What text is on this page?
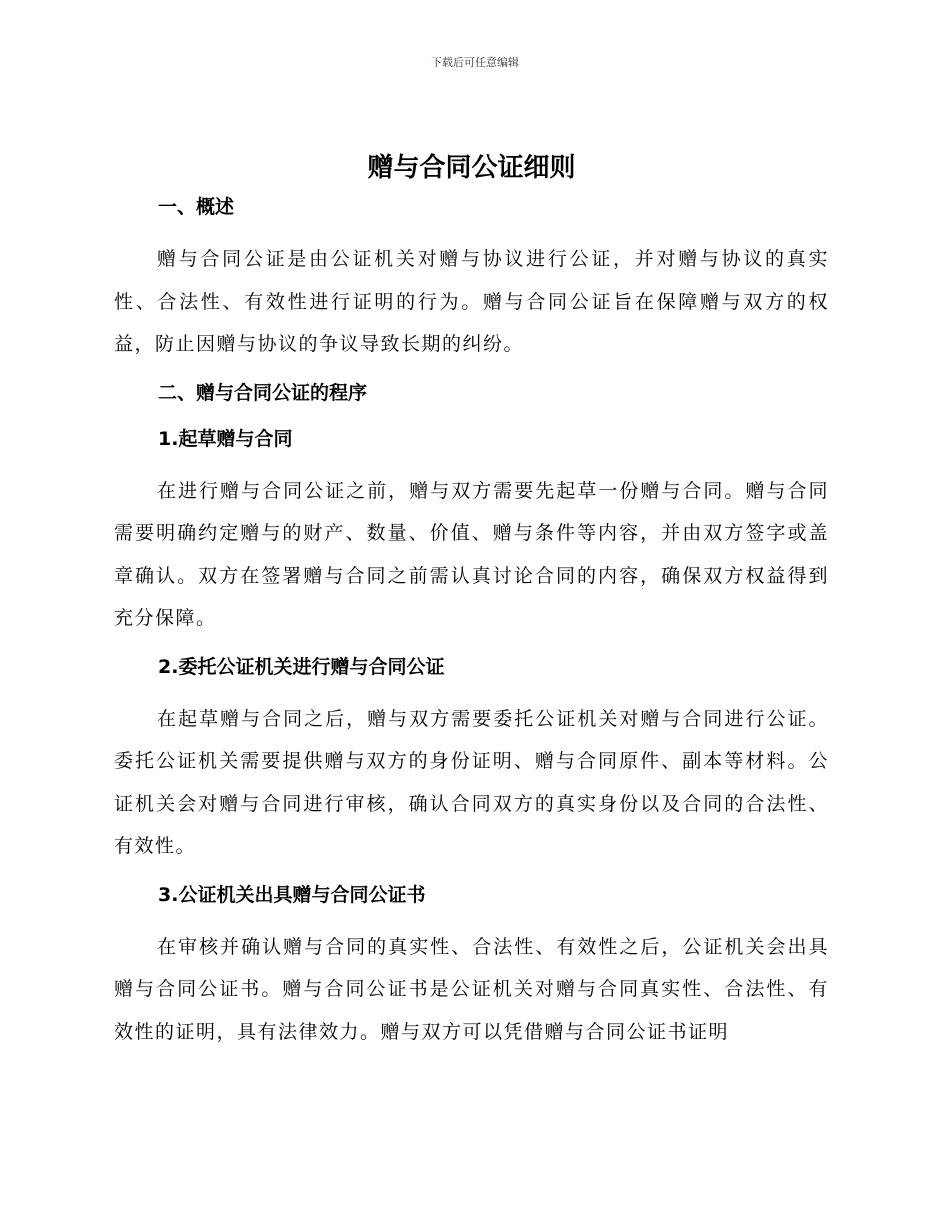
下载后可任意编辑
赠与合同公证细则
一、概述

赠与合同公证是由公证机关对赠与协议进行公证，并对赠与协议的真实性、合法性、有效性进行证明的行为。赠与合同公证旨在保障赠与双方的权益，防止因赠与协议的争议导致长期的纠纷。

二、赠与合同公证的程序
1.起草赠与合同

在进行赠与合同公证之前，赠与双方需要先起草一份赠与合同。赠与合同需要明确约定赠与的财产、数量、价值、赠与条件等内容，并由双方签字或盖章确认。双方在签署赠与合同之前需认真讨论合同的内容，确保双方权益得到充分保障。

2.委托公证机关进行赠与合同公证

在起草赠与合同之后，赠与双方需要委托公证机关对赠与合同进行公证。委托公证机关需要提供赠与双方的身份证明、赠与合同原件、副本等材料。公证机关会对赠与合同进行审核，确认合同双方的真实身份以及合同的合法性、有效性。

3.公证机关出具赠与合同公证书

在审核并确认赠与合同的真实性、合法性、有效性之后，公证机关会出具赠与合同公证书。赠与合同公证书是公证机关对赠与合同真实性、合法性、有效性的证明，具有法律效力。赠与双方可以凭借赠与合同公证书证明
